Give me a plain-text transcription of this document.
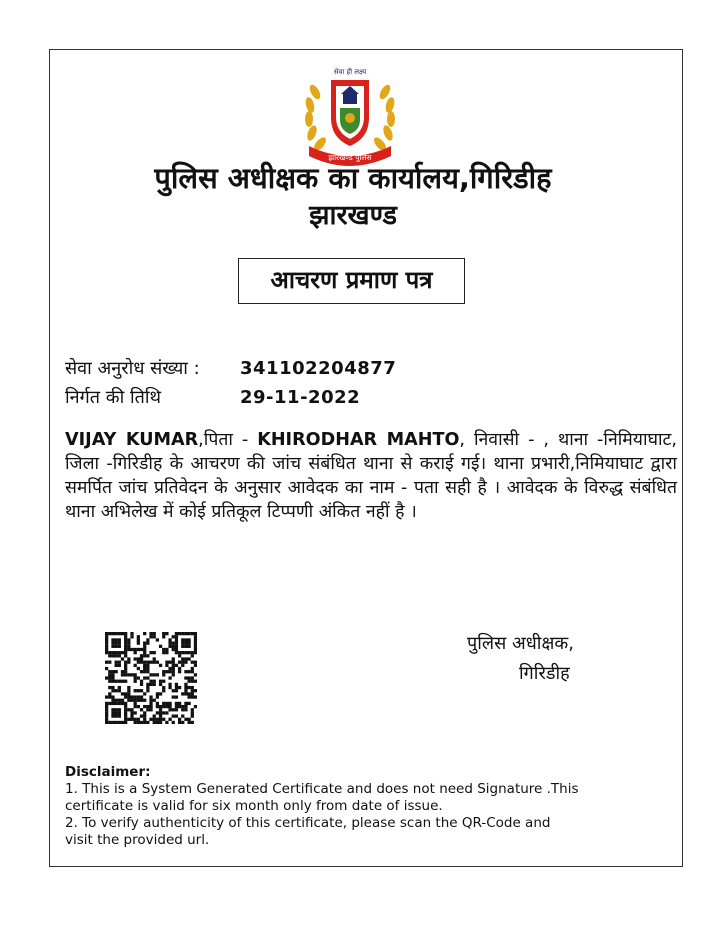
सेवा ही लक्ष्य
झारखण्ड पुलिस
पुलिस अधीक्षक का कार्यालय,गिरिडीह
झारखण्ड
आचरण प्रमाण पत्र
सेवा अनुरोध संख्या : 341102204877
निर्गत की तिथि	29-11-2022
VIJAY KUMAR,पिता - KHIRODHAR MAHTO, निवासी - , थाना -निमियाघाट, जिला -गिरिडीह के आचरण की जांच संबंधित थाना से कराई गई। थाना प्रभारी,निमियाघाट द्वारा समर्पित जांच प्रतिवेदन के अनुसार आवेदक का नाम - पता सही है । आवेदक के विरुद्ध संबंधित थाना अभिलेख में कोई प्रतिकूल टिप्पणी अंकित नहीं है ।
पुलिस अधीक्षक,
गिरिडीह
Disclaimer:
1. This is a System Generated Certificate and does not need Signature .This
certificate is valid for six month only from date of issue.
2. To verify authenticity of this certificate, please scan the QR-Code and
visit the provided url.
